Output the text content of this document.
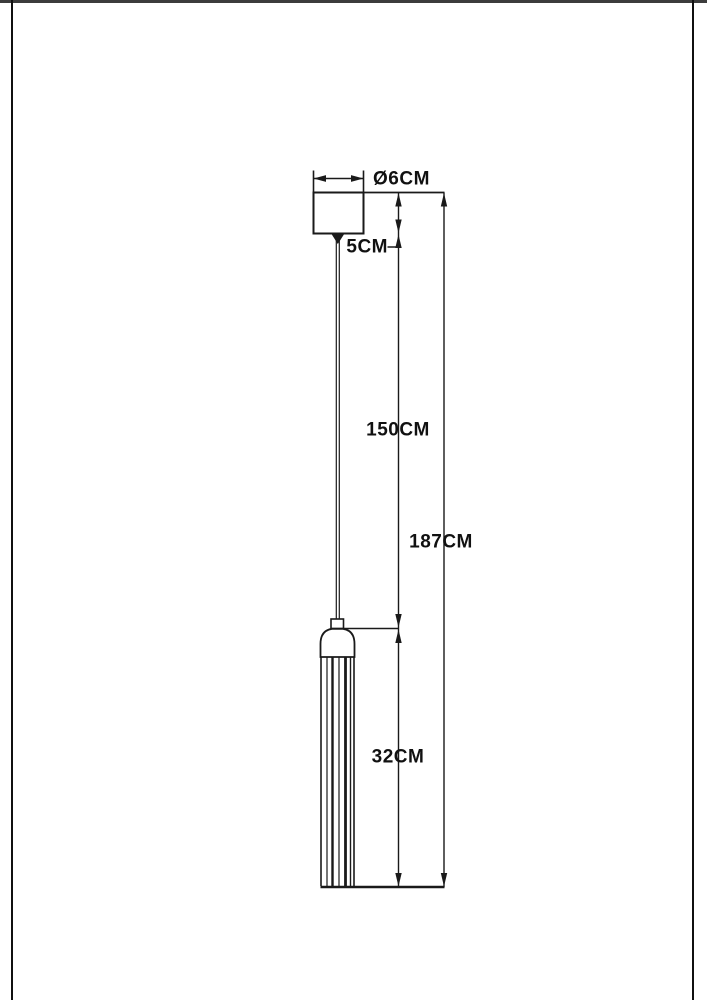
Ø6CM
5CM
150CM
187CM
32CM
